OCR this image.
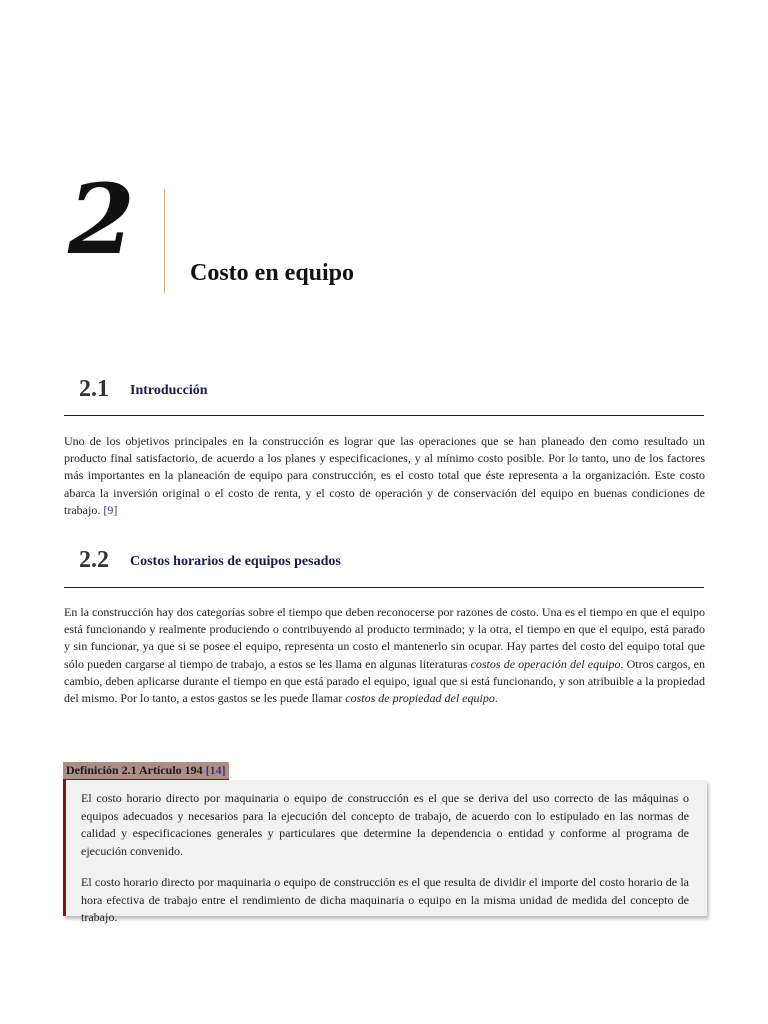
2 Costo en equipo
2.1 Introducción

Uno de los objetivos principales en la construcción es lograr que las operaciones que se han planeado den como resultado un producto final satisfactorio, de acuerdo a los planes y especificaciones, y al mínimo costo posible. Por lo tanto, uno de los factores más importantes en la planeación de equipo para construcción, es el costo total que éste representa a la organización. Este costo abarca la inversión original o el costo de renta, y el costo de operación y de conservación del equipo en buenas condiciones de trabajo. [9]

2.2 Costos horarios de equipos pesados

En la construcción hay dos categorías sobre el tiempo que deben reconocerse por razones de costo. Una es el tiempo en que el equipo está funcionando y realmente produciendo o contribuyendo al producto terminado; y la otra, el tiempo en que el equipo, está parado y sin funcionar, ya que si se posee el equipo, representa un costo el mantenerlo sin ocupar. Hay partes del costo del equipo total que sólo pueden cargarse al tiempo de trabajo, a estos se les llama en algunas literaturas costos de operación del equipo. Otros cargos, en cambio, deben aplicarse durante el tiempo en que está parado el equipo, igual que si está funcionando, y son atribuible a la propiedad del mismo. Por lo tanto, a estos gastos se les puede llamar costos de propiedad del equipo.

Definición 2.1 Artículo 194 [14]

El costo horario directo por maquinaria o equipo de construcción es el que se deriva del uso correcto de las máquinas o equipos adecuados y necesarios para la ejecución del concepto de trabajo, de acuerdo con lo estipulado en las normas de calidad y especificaciones generales y particulares que determine la dependencia o entidad y conforme al programa de ejecución convenido.

El costo horario directo por maquinaria o equipo de construcción es el que resulta de dividir el importe del costo horario de la hora efectiva de trabajo entre el rendimiento de dicha maquinaria o equipo en la misma unidad de medida del concepto de trabajo.
